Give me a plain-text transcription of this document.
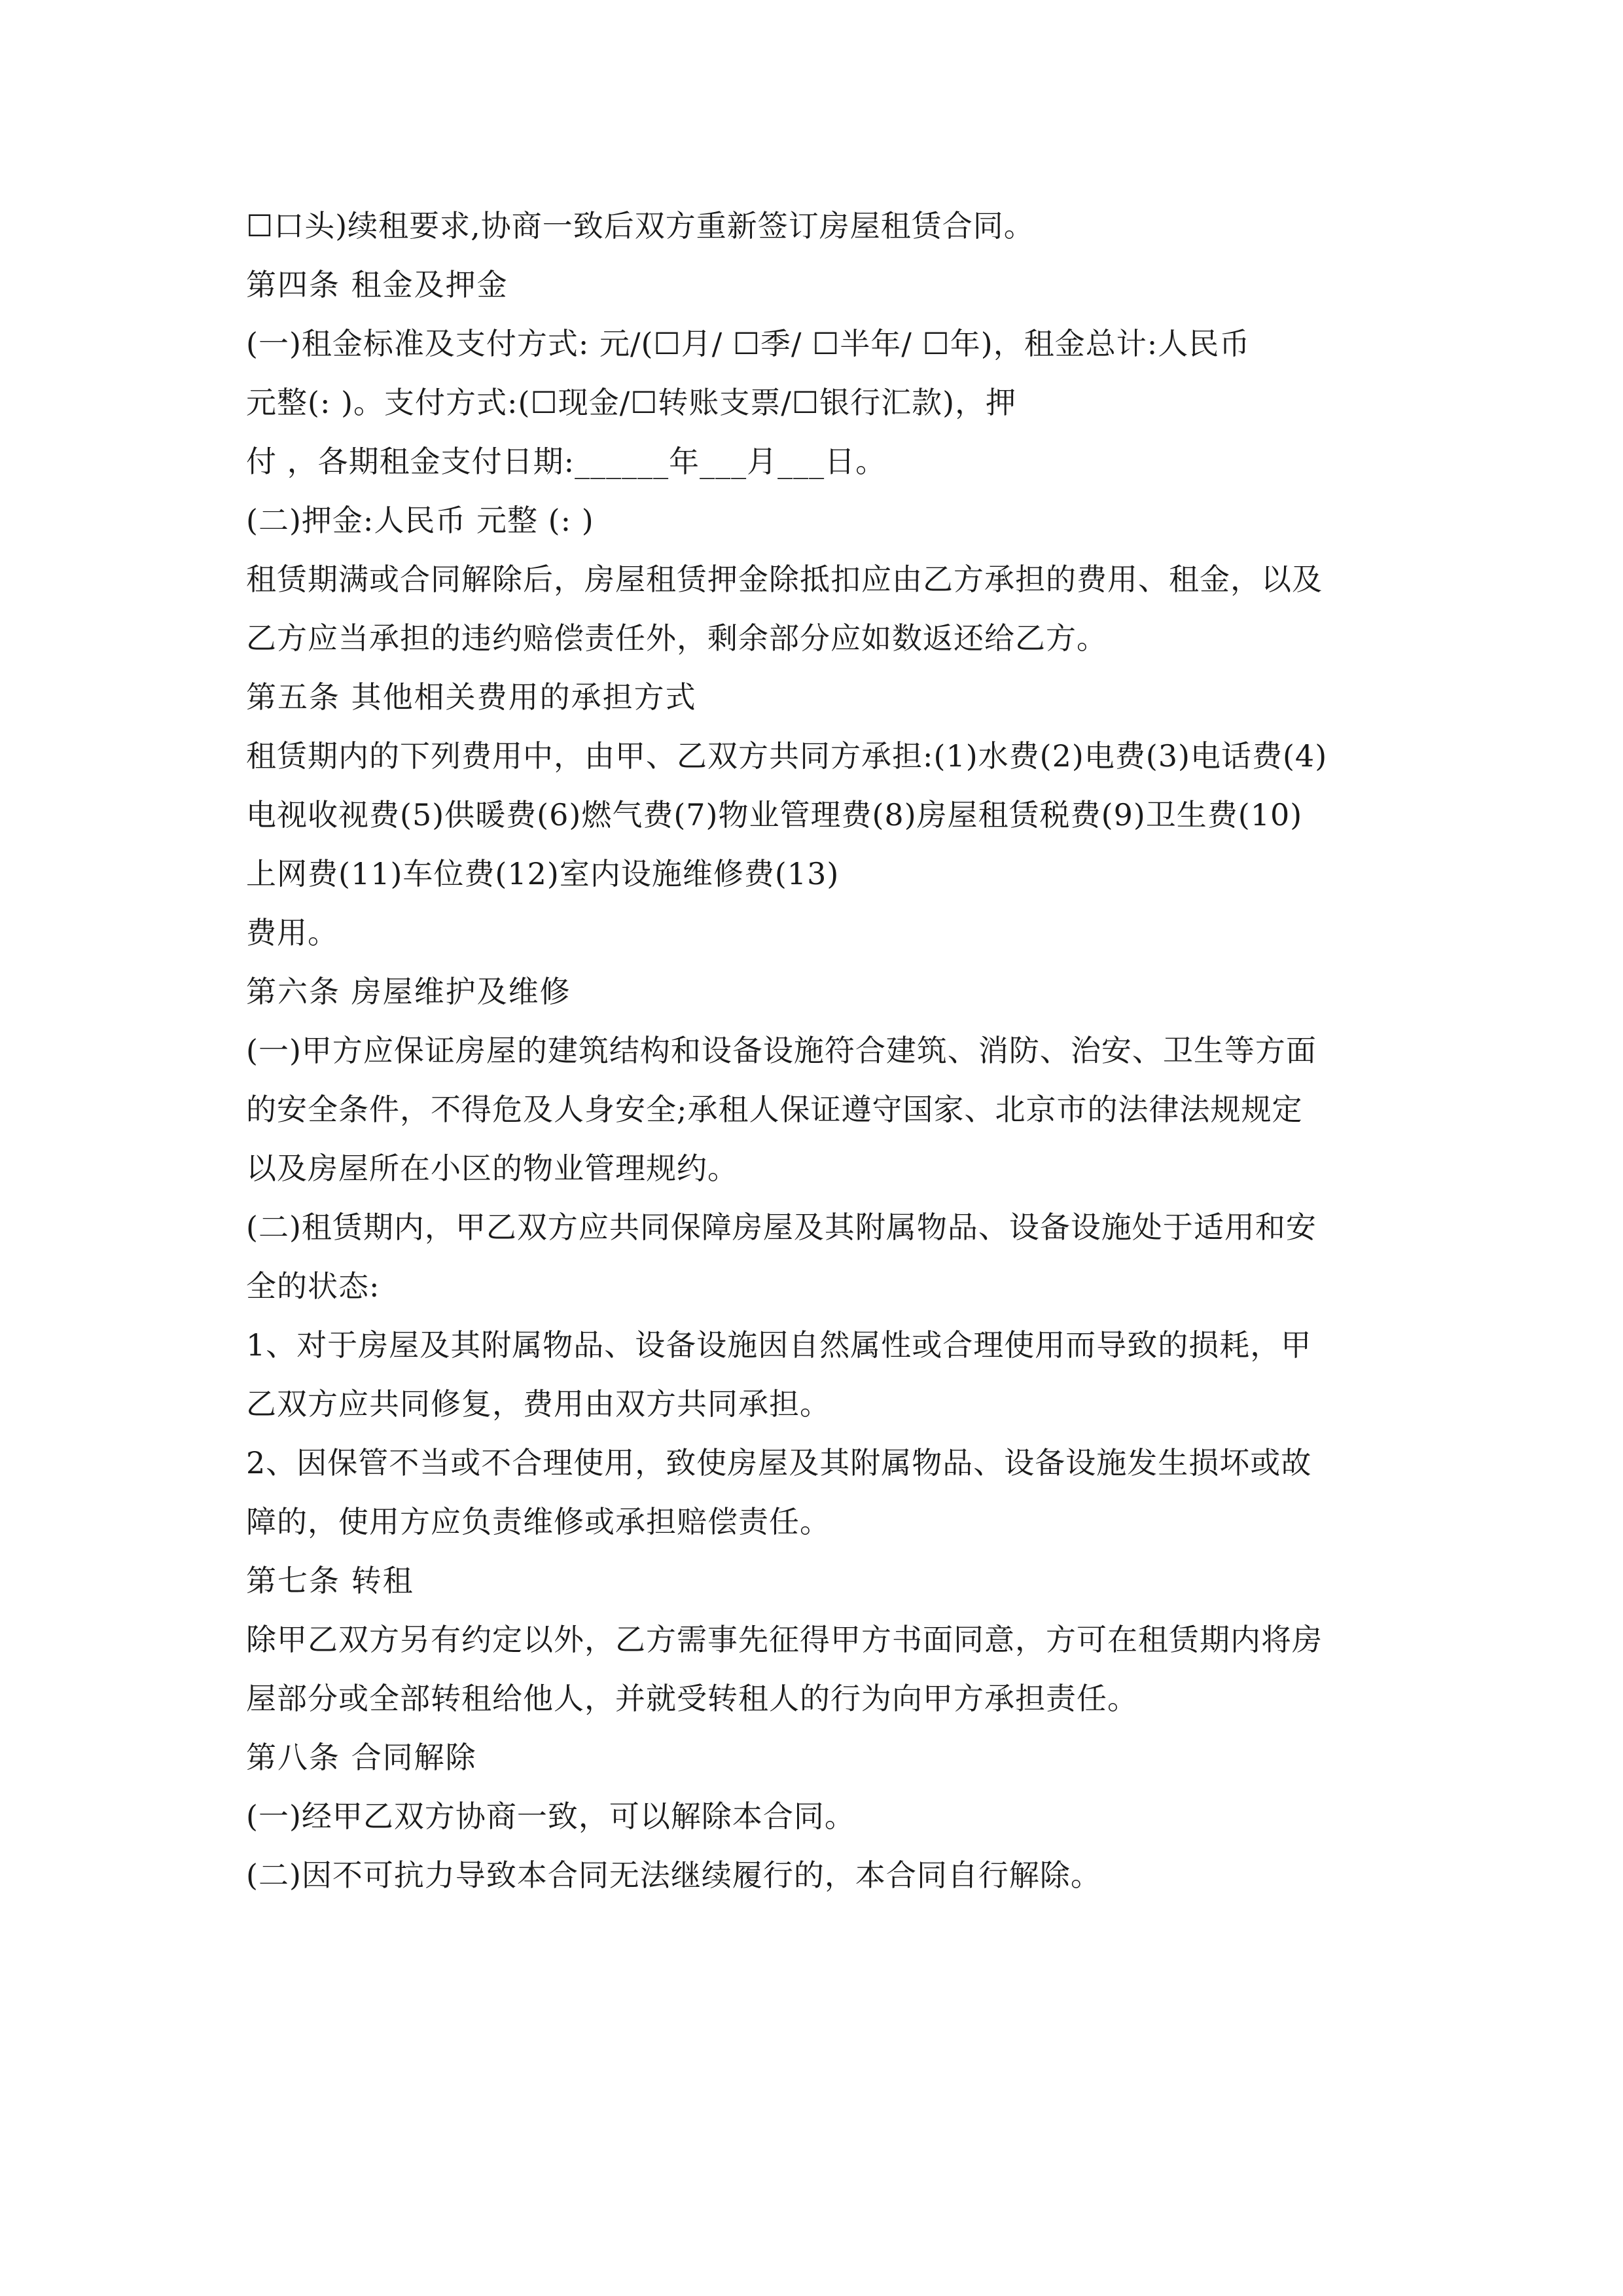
☐口头)续租要求,协商一致后双方重新签订房屋租赁合同。
第四条 租金及押金
(一)租金标准及支付方式: 元/(☐月/ ☐季/ ☐半年/ ☐年)，租金总计:人民币
元整(: )。支付方式:(☐现金/☐转账支票/☐银行汇款)，押
付 ，各期租金支付日期:______年___月___日。
(二)押金:人民币 元整 (: )
租赁期满或合同解除后，房屋租赁押金除抵扣应由乙方承担的费用、租金，以及
乙方应当承担的违约赔偿责任外，剩余部分应如数返还给乙方。
第五条 其他相关费用的承担方式
租赁期内的下列费用中，由甲、乙双方共同方承担:(1)水费(2)电费(3)电话费(4)
电视收视费(5)供暖费(6)燃气费(7)物业管理费(8)房屋租赁税费(9)卫生费(10)
上网费(11)车位费(12)室内设施维修费(13)
费用。
第六条 房屋维护及维修
(一)甲方应保证房屋的建筑结构和设备设施符合建筑、消防、治安、卫生等方面
的安全条件，不得危及人身安全;承租人保证遵守国家、北京市的法律法规规定
以及房屋所在小区的物业管理规约。
(二)租赁期内，甲乙双方应共同保障房屋及其附属物品、设备设施处于适用和安
全的状态:
1、对于房屋及其附属物品、设备设施因自然属性或合理使用而导致的损耗，甲
乙双方应共同修复，费用由双方共同承担。
2、因保管不当或不合理使用，致使房屋及其附属物品、设备设施发生损坏或故
障的，使用方应负责维修或承担赔偿责任。
第七条 转租
除甲乙双方另有约定以外，乙方需事先征得甲方书面同意，方可在租赁期内将房
屋部分或全部转租给他人，并就受转租人的行为向甲方承担责任。
第八条 合同解除
(一)经甲乙双方协商一致，可以解除本合同。
(二)因不可抗力导致本合同无法继续履行的，本合同自行解除。
